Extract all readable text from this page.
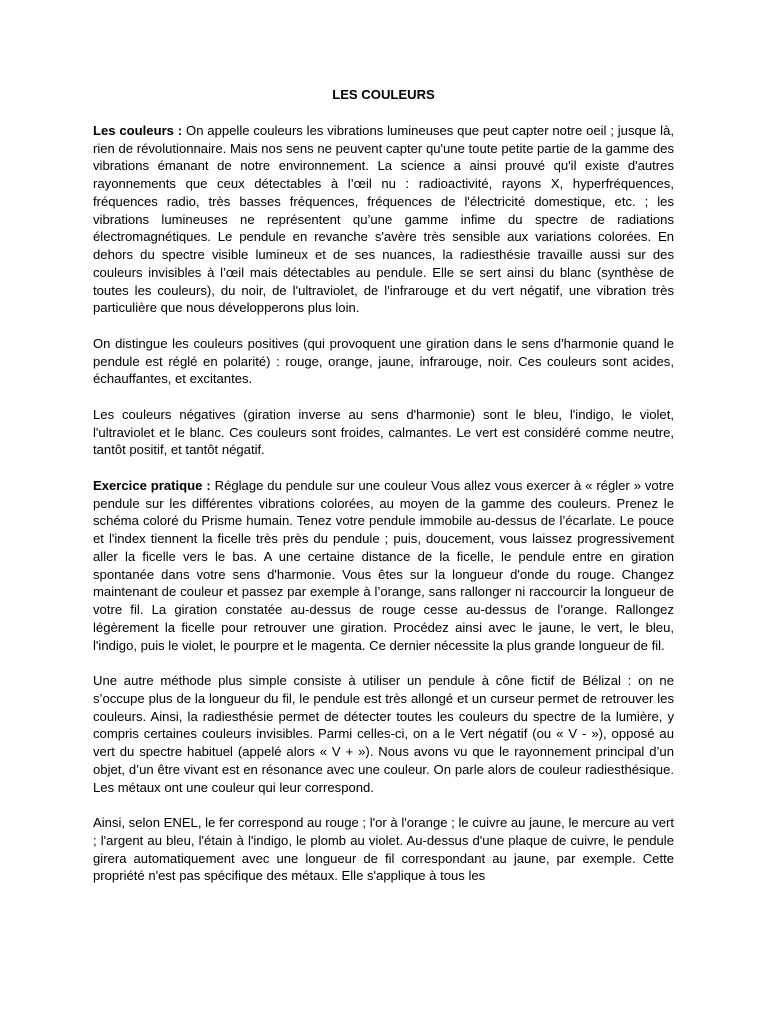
LES COULEURS

Les couleurs : On appelle couleurs les vibrations lumineuses que peut capter notre oeil ; jusque là, rien de révolutionnaire. Mais nos sens ne peuvent capter qu'une toute petite partie de la gamme des vibrations émanant de notre environnement. La science a ainsi prouvé qu'il existe d'autres rayonnements que ceux détectables à l’œil nu : radioactivité, rayons X, hyperfréquences, fréquences radio, très basses fréquences, fréquences de l'électricité domestique, etc. ; les vibrations lumineuses ne représentent qu’une gamme infime du spectre de radiations électromagnétiques. Le pendule en revanche s'avère très sensible aux variations colorées. En dehors du spectre visible lumineux et de ses nuances, la radiesthésie travaille aussi sur des couleurs invisibles à l’œil mais détectables au pendule. Elle se sert ainsi du blanc (synthèse de toutes les couleurs), du noir, de l'ultraviolet, de l'infrarouge et du vert négatif, une vibration très particulière que nous développerons plus loin.

On distingue les couleurs positives (qui provoquent une giration dans le sens d'harmonie quand le pendule est réglé en polarité) : rouge, orange, jaune, infrarouge, noir. Ces couleurs sont acides, échauffantes, et excitantes.

Les couleurs négatives (giration inverse au sens d'harmonie) sont le bleu, l'indigo, le violet, l'ultraviolet et le blanc. Ces couleurs sont froides, calmantes. Le vert est considéré comme neutre, tantôt positif, et tantôt négatif.

Exercice pratique : Réglage du pendule sur une couleur Vous allez vous exercer à « régler » votre pendule sur les différentes vibrations colorées, au moyen de la gamme des couleurs. Prenez le schéma coloré du Prisme humain. Tenez votre pendule immobile au-dessus de l’écarlate. Le pouce et l'index tiennent la ficelle très près du pendule ; puis, doucement, vous laissez progressivement aller la ficelle vers le bas. A une certaine distance de la ficelle, le pendule entre en giration spontanée dans votre sens d'harmonie. Vous êtes sur la longueur d'onde du rouge. Changez maintenant de couleur et passez par exemple à l’orange, sans rallonger ni raccourcir la longueur de votre fil. La giration constatée au-dessus de rouge cesse au-dessus de l’orange. Rallongez légèrement la ficelle pour retrouver une giration. Procédez ainsi avec le jaune, le vert, le bleu, l'indigo, puis le violet, le pourpre et le magenta. Ce dernier nécessite la plus grande longueur de fil.

Une autre méthode plus simple consiste à utiliser un pendule à cône fictif de Bélizal : on ne s’occupe plus de la longueur du fil, le pendule est très allongé et un curseur permet de retrouver les couleurs. Ainsi, la radiesthésie permet de détecter toutes les couleurs du spectre de la lumière, y compris certaines couleurs invisibles. Parmi celles-ci, on a le Vert négatif (ou « V - »), opposé au vert du spectre habituel (appelé alors « V + »). Nous avons vu que le rayonnement principal d’un objet, d’un être vivant est en résonance avec une couleur. On parle alors de couleur radiesthésique. Les métaux ont une couleur qui leur correspond.

Ainsi, selon ENEL, le fer correspond au rouge ; l'or à l'orange ; le cuivre au jaune, le mercure au vert ; l'argent au bleu, l'étain à l'indigo, le plomb au violet. Au-dessus d'une plaque de cuivre, le pendule girera automatiquement avec une longueur de fil correspondant au jaune, par exemple. Cette propriété n'est pas spécifique des métaux. Elle s'applique à tous les
